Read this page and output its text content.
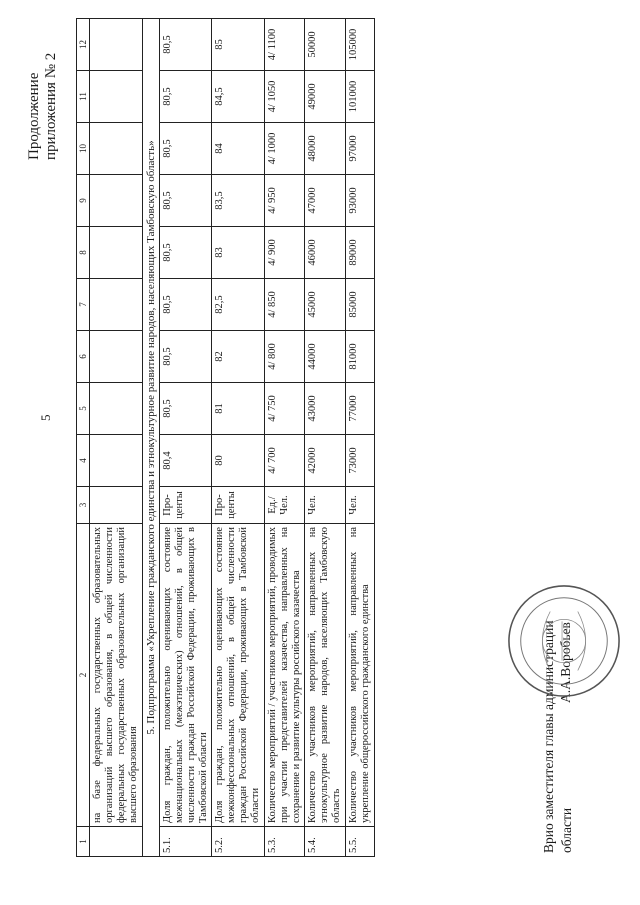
5
Продолжение приложения № 2
1	2	3	4	5	6	7	8	9	10	11	12
	на базе федеральных государственных образовательных организаций высшего образования, в общей численности федеральных государственных образовательных организаций высшего образования										
5. Подпрограмма «Укрепление гражданского единства и этнокультурное развитие народов, населяющих Тамбовскую область»											
5.1.	Доля граждан, положительно оценивающих состояние межнациональных (межэтнических) отношений, в общей численности граждан Российской Федерации, проживающих в Тамбовской области	Про-центы	80,4	80,5	80,5	80,5	80,5	80,5	80,5	80,5	80,5
5.2.	Доля граждан, положительно оценивающих состояние межконфессиональных отношений, в общей численности граждан Российской Федерации, проживающих в Тамбовской области	Про-центы	80	81	82	82,5	83	83,5	84	84,5	85
5.3.	Количество мероприятий / участников мероприятий, проводимых при участии представителей казачества, направленных на сохранение и развитие культуры российского казачества	Ед./ Чел.	4/ 700	4/ 750	4/ 800	4/ 850	4/ 900	4/ 950	4/ 1000	4/ 1050	4/ 1100
5.4.	Количество участников мероприятий, направленных на этнокультурное развитие народов, населяющих Тамбовскую область	Чел.	42000	43000	44000	45000	46000	47000	48000	49000	50000
5.5.	Количество участников мероприятий, направленных на укрепление общероссийского гражданского единства	Чел.	73000	77000	81000	85000	89000	93000	97000	101000	105000
Врио заместителя главы администрации области
А.А.Воробьев
